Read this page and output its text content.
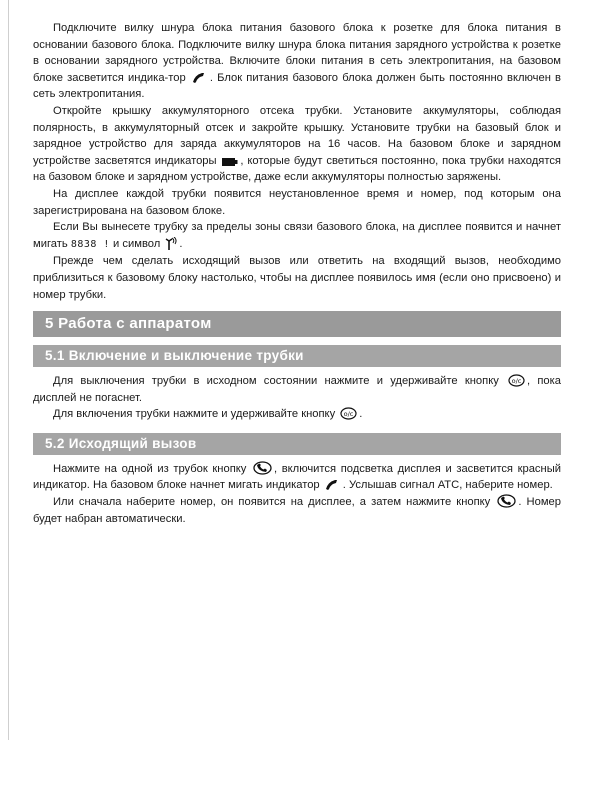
Подключите вилку шнура блока питания базового блока к розетке для блока питания в основании базового блока. Подключите вилку шнура блока питания зарядного устройства к розетке в основании зарядного устройства. Включите блоки питания в сеть электропитания, на базовом блоке засветится индика-тор
. Блок питания базового блока должен быть постоянно включен в сеть электропитания.

Откройте крышку аккумуляторного отсека трубки. Установите аккумуляторы, соблюдая полярность, в аккумуляторный отсек и закройте крышку. Установите трубки на базовый блок и зарядное устройство для заряда аккумуляторов на 16 часов. На базовом блоке и зарядном устройстве засветятся индикаторы
, которые будут светиться постоянно, пока трубки находятся на базовом блоке и зарядном устройстве, даже если аккумуляторы полностью заряжены.

На дисплее каждой трубки появится неустановленное время и номер, под которым она зарегистрирована на базовом блоке.

Если Вы вынесете трубку за пределы зоны связи базового блока, на дисплее появится и начнет мигать 8838 ! и символ
.

Прежде чем сделать исходящий вызов или ответить на входящий вызов, необходимо приблизиться к базовому блоку настолько, чтобы на дисплее появилось имя (если оно присвоено) и номер трубки.

5 Работа с аппаратом
5.1 Включение и выключение трубки

Для выключения трубки в исходном состоянии нажмите и удерживайте кнопку o/c , пока дисплей не погаснет.

Для включения трубки нажмите и удерживайте кнопку o/c .

5.2 Исходящий вызов

Нажмите на одной из трубок кнопку
, включится подсветка дисплея и засветится красный индикатор. На базовом блоке начнет мигать индикатор
. Услышав сигнал АТС, наберите номер.

Или сначала наберите номер, он появится на дисплее, а затем нажмите кнопку
. Номер будет набран автоматически.
